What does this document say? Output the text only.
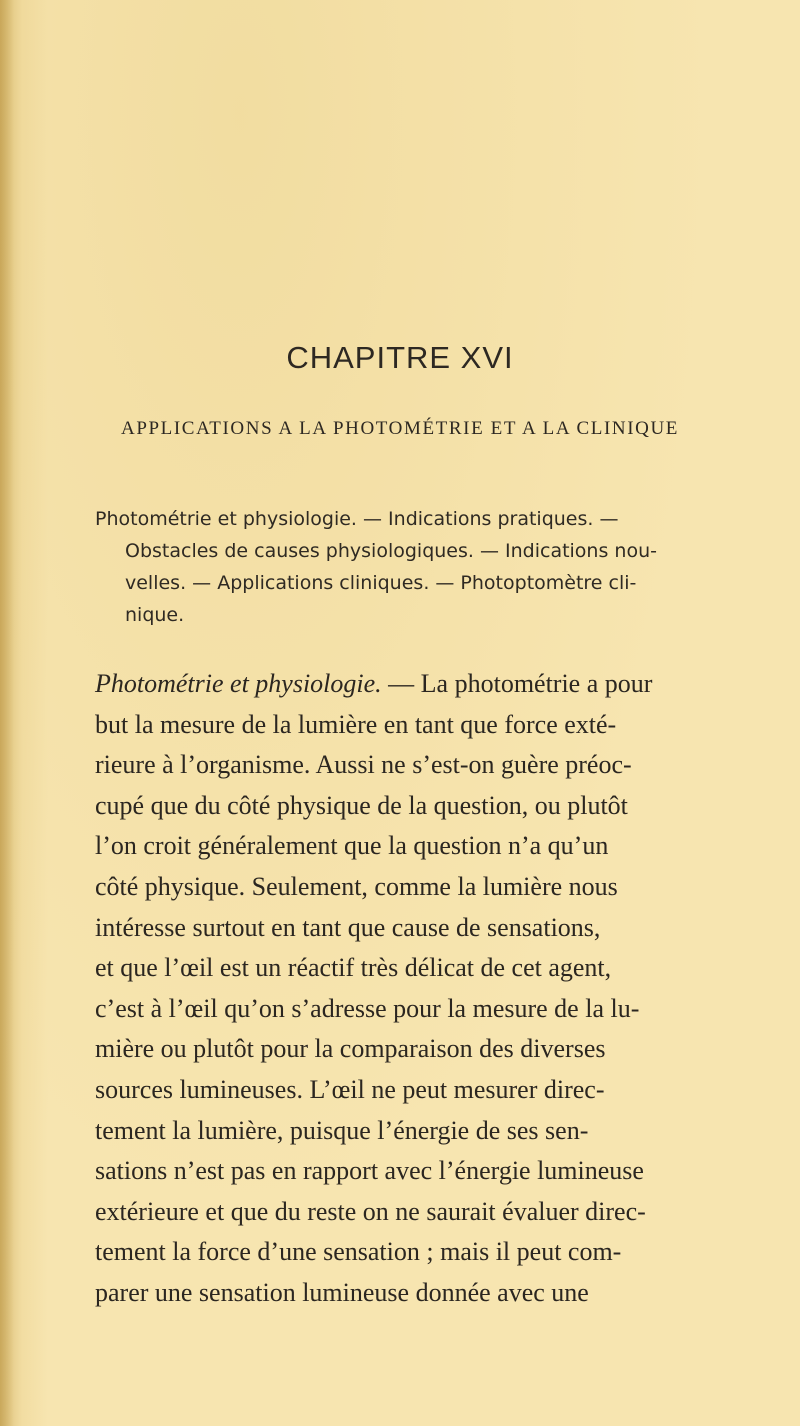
CHAPITRE XVI
APPLICATIONS A LA PHOTOMÉTRIE ET A LA CLINIQUE
Photométrie et physiologie. — Indications pratiques. —
Obstacles de causes physiologiques. — Indications nou-
velles. — Applications cliniques. — Photoptomètre cli-
nique.
Photométrie et physiologie. — La photométrie a pour
but la mesure de la lumière en tant que force exté-
rieure à l’organisme. Aussi ne s’est-on guère préoc-
cupé que du côté physique de la question, ou plutôt
l’on croit généralement que la question n’a qu’un
côté physique. Seulement, comme la lumière nous
intéresse surtout en tant que cause de sensations,
et que l’œil est un réactif très délicat de cet agent,
c’est à l’œil qu’on s’adresse pour la mesure de la lu-
mière ou plutôt pour la comparaison des diverses
sources lumineuses. L’œil ne peut mesurer direc-
tement la lumière, puisque l’énergie de ses sen-
sations n’est pas en rapport avec l’énergie lumineuse
extérieure et que du reste on ne saurait évaluer direc-
tement la force d’une sensation ; mais il peut com-
parer une sensation lumineuse donnée avec une
